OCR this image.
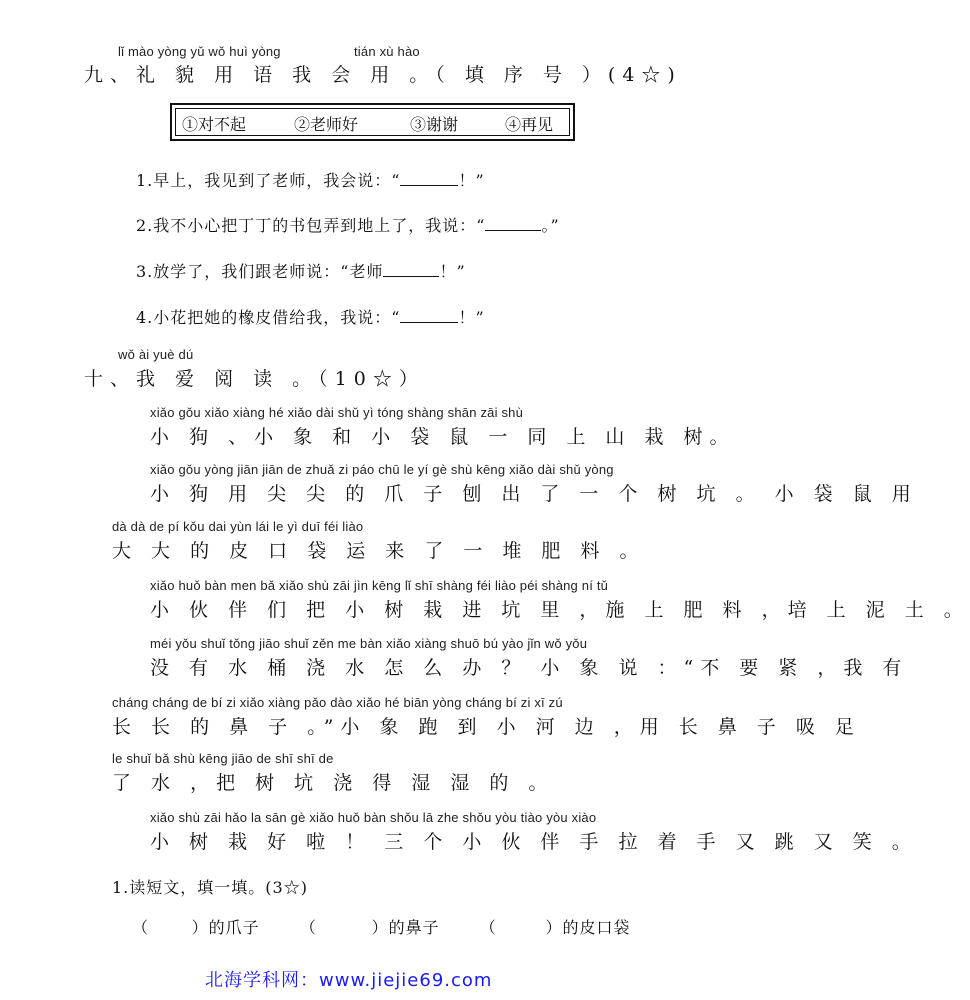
lǐ mào yòng yǔ wǒ huì yòng	tián xù hào
九、礼 貌 用 语 我 会 用 。（ 填 序 号 ）(4☆)
①对不起	②老师好	③谢谢	④再见
1.早上，我见到了老师，我会说：“	！”
2.我不小心把丁丁的书包弄到地上了，我说：“	。”
3.放学了，我们跟老师说：“老师	！”
4.小花把她的橡皮借给我，我说：“	！”
wǒ ài yuè dú
十、我 爱 阅 读 。（10☆）
xiǎo gǒu xiǎo xiàng hé xiǎo dài shǔ yì tóng shàng shān zāi shù
小 狗 、小 象 和 小 袋 鼠 一 同 上 山 栽 树。
xiǎo gǒu yòng jiān jiān de zhuǎ zi páo chū le yí gè shù kēng xiǎo dài shǔ yòng
小 狗 用 尖 尖 的 爪 子 刨 出 了 一 个 树 坑 。 小 袋 鼠 用
dà dà de pí kǒu dai yùn lái le yì duī féi liào
大 大 的 皮 口 袋 运 来 了 一 堆 肥 料 。
xiǎo huǒ bàn men bǎ xiǎo shù zāi jìn kēng lǐ shī shàng féi liào péi shàng ní tǔ
小 伙 伴 们 把 小 树 栽 进 坑 里 ，施 上 肥 料 ，培 上 泥 土 。
méi yǒu shuǐ tǒng jiāo shuǐ zěn me bàn xiǎo xiàng shuō bú yào jǐn wǒ yǒu
没 有 水 桶 浇 水 怎 么 办 ？ 小 象 说 ：“不 要 紧 ，我 有
cháng cháng de bí zi xiǎo xiàng pǎo dào xiǎo hé biān yòng cháng bí zi xī zú
长 长 的 鼻 子 。”小 象 跑 到 小 河 边 ，用 长 鼻 子 吸 足
le shuǐ bǎ shù kēng jiāo de shī shī de
了 水 ，把 树 坑 浇 得 湿 湿 的 。
xiǎo shù zāi hǎo la sān gè xiǎo huǒ bàn shǒu lā zhe shǒu yòu tiào yòu xiào
小 树 栽 好 啦 ！ 三 个 小 伙 伴 手 拉 着 手 又 跳 又 笑 。
1.读短文，填一填。(3☆)
（       ）的爪子	（         ）的鼻子	（        ）的皮口袋
北海学科网：www.jiejie69.com
